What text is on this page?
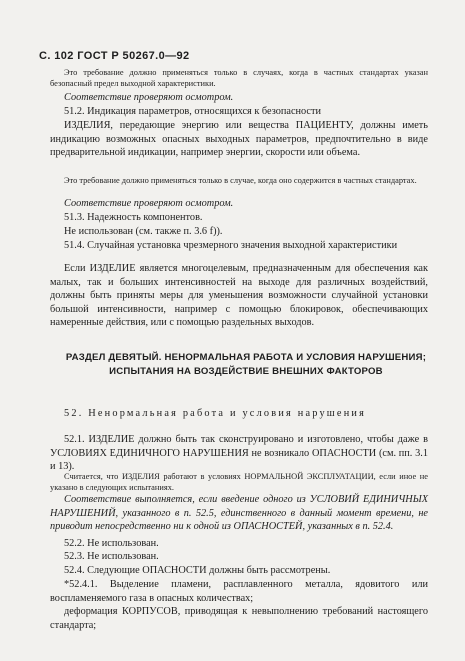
С. 102 ГОСТ Р 50267.0—92
Это требование должно применяться только в случаях, когда в частных стандартах указан безопасный предел выходной характеристики.
Соответствие проверяют осмотром.
51.2. Индикация параметров, относящихся к безопасности
ИЗДЕЛИЯ, передающие энергию или вещества ПАЦИЕНТУ, должны иметь индикацию возможных опасных выходных параметров, предпочтительно в виде предварительной индикации, например энергии, скорости или объема.
Это требование должно применяться только в случае, когда оно содержится в частных стандартах.
Соответствие проверяют осмотром.
51.3. Надежность компонентов.
Не использован (см. также п. 3.6 f)).
51.4. Случайная установка чрезмерного значения выходной характеристики
Если ИЗДЕЛИЕ является многоцелевым, предназначенным для обеспечения как малых, так и больших интенсивностей на выходе для различных воздействий, должны быть приняты меры для уменьшения возможности случайной установки большой интенсивности, например с помощью блокировок, обеспечивающих намеренные действия, или с помощью раздельных выходов.
РАЗДЕЛ ДЕВЯТЫЙ. НЕНОРМАЛЬНАЯ РАБОТА И УСЛОВИЯ НАРУШЕНИЯ; ИСПЫТАНИЯ НА ВОЗДЕЙСТВИЕ ВНЕШНИХ ФАКТОРОВ
52. Ненормальная работа и условия нарушения
52.1. ИЗДЕЛИЕ должно быть так сконструировано и изготовлено, чтобы даже в УСЛОВИЯХ ЕДИНИЧНОГО НАРУШЕНИЯ не возникало ОПАСНОСТИ (см. пп. 3.1 и 13).
Считается, что ИЗДЕЛИЯ работают в условиях НОРМАЛЬНОЙ ЭКСПЛУАТАЦИИ, если иное не указано в следующих испытаниях.
Соответствие выполняется, если введение одного из УСЛОВИЙ ЕДИНИЧНЫХ НАРУШЕНИЙ, указанного в п. 52.5, единственного в данный момент времени, не приводит непосредственно ни к одной из ОПАСНОСТЕЙ, указанных в п. 52.4.
52.2. Не использован.
52.3. Не использован.
52.4. Следующие ОПАСНОСТИ должны быть рассмотрены.
*52.4.1. Выделение пламени, расплавленного металла, ядовитого или воспламеняемого газа в опасных количествах;
деформация КОРПУСОВ, приводящая к невыполнению требований настоящего стандарта;
